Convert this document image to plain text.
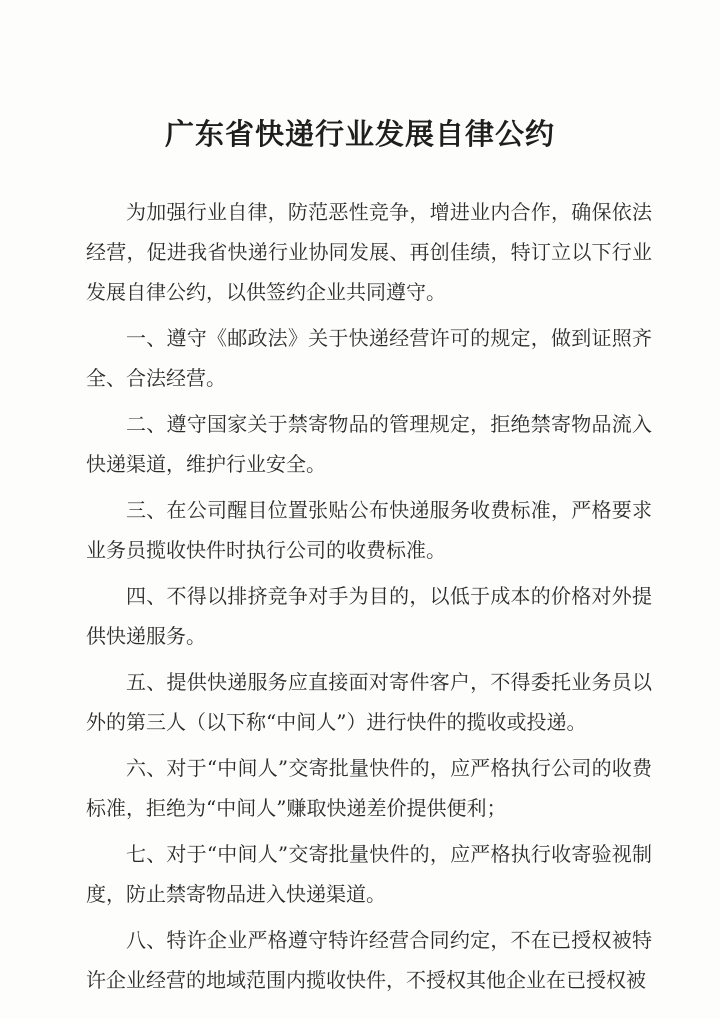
广东省快递行业发展自律公约

为加强行业自律，防范恶性竞争，增进业内合作，确保依法经营，促进我省快递行业协同发展、再创佳绩，特订立以下行业发展自律公约，以供签约企业共同遵守。

一、遵守《邮政法》关于快递经营许可的规定，做到证照齐全、合法经营。

二、遵守国家关于禁寄物品的管理规定，拒绝禁寄物品流入快递渠道，维护行业安全。

三、在公司醒目位置张贴公布快递服务收费标准，严格要求业务员揽收快件时执行公司的收费标准。

四、不得以排挤竞争对手为目的，以低于成本的价格对外提供快递服务。

五、提供快递服务应直接面对寄件客户，不得委托业务员以外的第三人（以下称“中间人”）进行快件的揽收或投递。

六、对于“中间人”交寄批量快件的，应严格执行公司的收费标准，拒绝为“中间人”赚取快递差价提供便利；

七、对于“中间人”交寄批量快件的，应严格执行收寄验视制度，防止禁寄物品进入快递渠道。

八、特许企业严格遵守特许经营合同约定，不在已授权被特许企业经营的地域范围内揽收快件，不授权其他企业在已授权被
